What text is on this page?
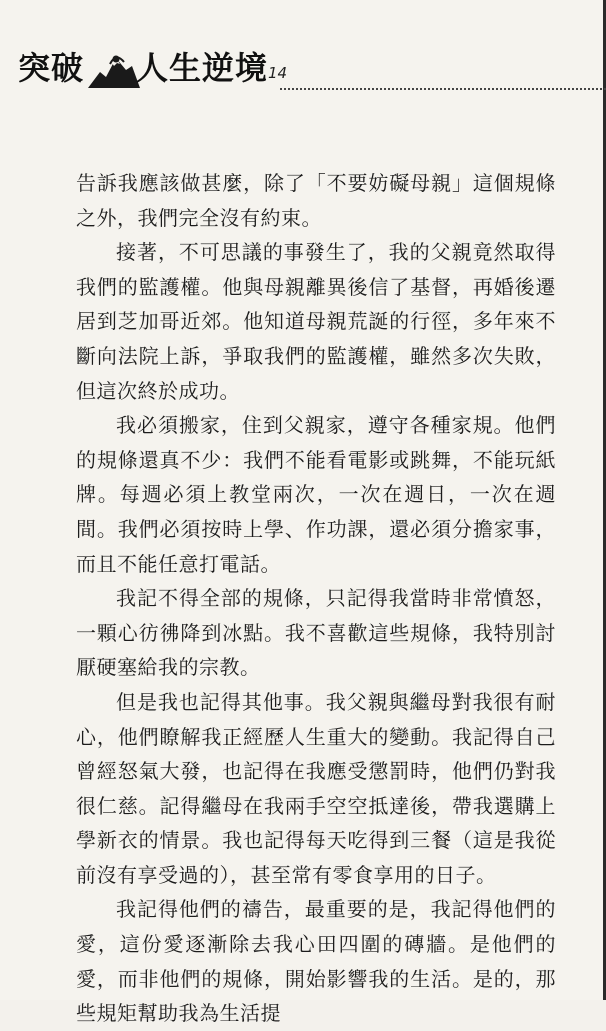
突破 人生逆境 14

告訴我應該做甚麼，除了「不要妨礙母親」這個規條之外，我們完全沒有約束。

接著，不可思議的事發生了，我的父親竟然取得我們的監護權。他與母親離異後信了基督，再婚後遷居到芝加哥近郊。他知道母親荒誕的行徑，多年來不斷向法院上訴，爭取我們的監護權，雖然多次失敗，但這次終於成功。

我必須搬家，住到父親家，遵守各種家規。他們的規條還真不少：我們不能看電影或跳舞，不能玩紙牌。每週必須上教堂兩次，一次在週日，一次在週間。我們必須按時上學、作功課，還必須分擔家事，而且不能任意打電話。

我記不得全部的規條，只記得我當時非常憤怒，一顆心彷彿降到冰點。我不喜歡這些規條，我特別討厭硬塞給我的宗教。

但是我也記得其他事。我父親與繼母對我很有耐心，他們瞭解我正經歷人生重大的變動。我記得自己曾經怒氣大發，也記得在我應受懲罰時，他們仍對我很仁慈。記得繼母在我兩手空空抵達後，帶我選購上學新衣的情景。我也記得每天吃得到三餐（這是我從前沒有享受過的），甚至常有零食享用的日子。

我記得他們的禱告，最重要的是，我記得他們的愛，這份愛逐漸除去我心田四圍的磚牆。是他們的愛，而非他們的規條，開始影響我的生活。是的，那些規矩幫助我為生活提
